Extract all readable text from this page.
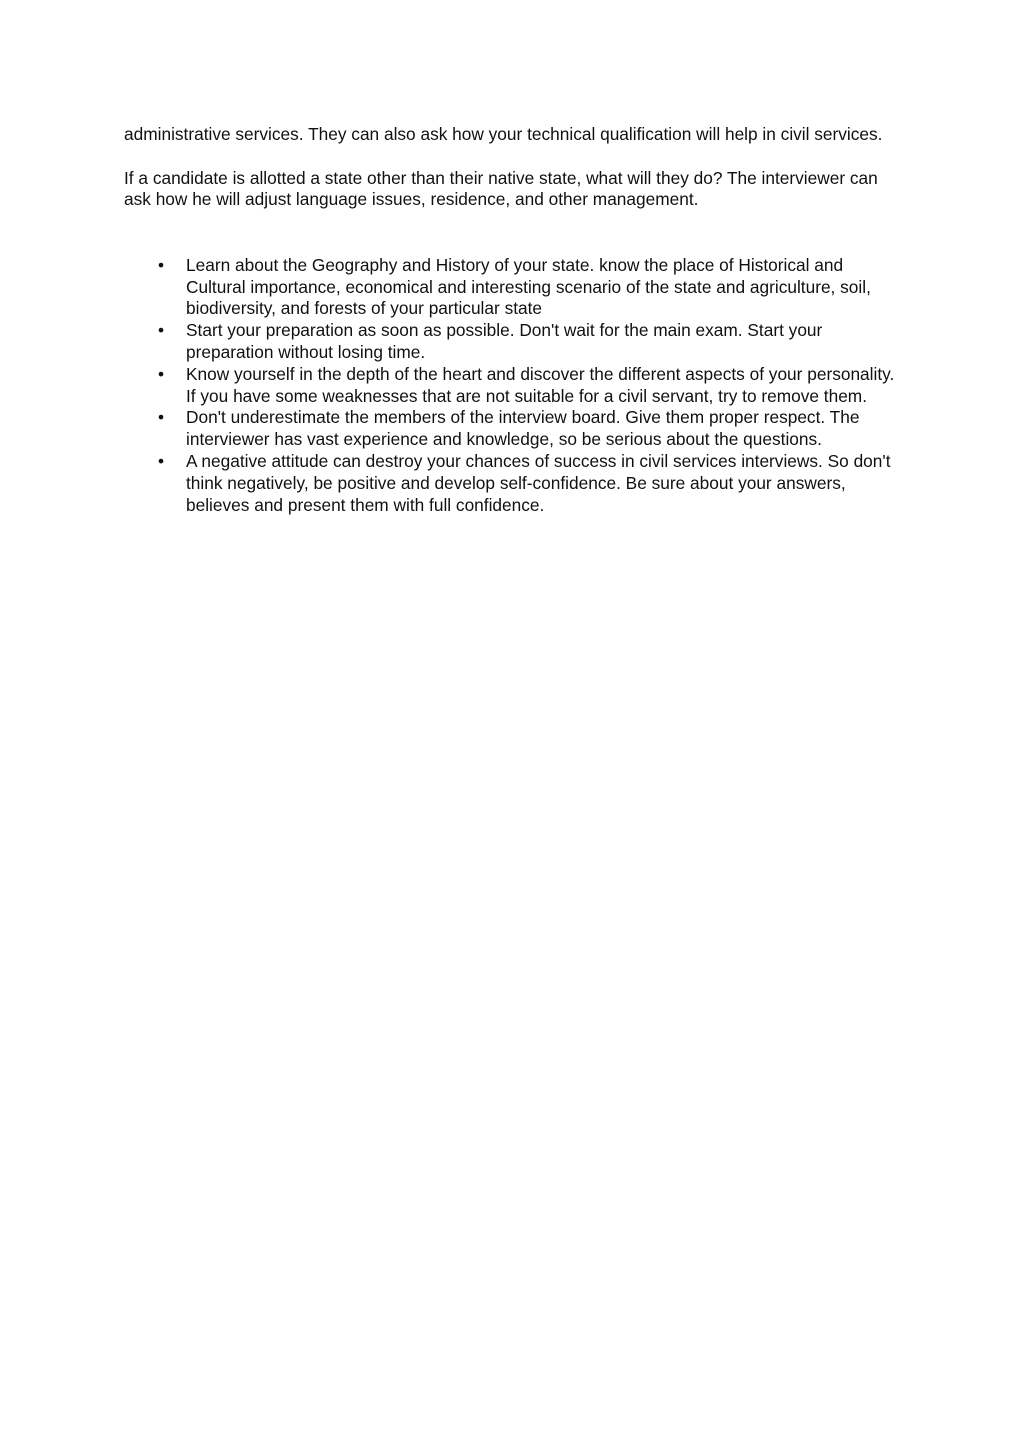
administrative services. They can also ask how your technical qualification will help in civil services.

If a candidate is allotted a state other than their native state, what will they do? The interviewer can ask how he will adjust language issues, residence, and other management.

• Learn about the Geography and History of your state. know the place of Historical and Cultural importance, economical and interesting scenario of the state and agriculture, soil, biodiversity, and forests of your particular state
• Start your preparation as soon as possible. Don't wait for the main exam. Start your preparation without losing time.
• Know yourself in the depth of the heart and discover the different aspects of your personality. If you have some weaknesses that are not suitable for a civil servant, try to remove them.
• Don't underestimate the members of the interview board. Give them proper respect. The interviewer has vast experience and knowledge, so be serious about the questions.
• A negative attitude can destroy your chances of success in civil services interviews. So don't think negatively, be positive and develop self-confidence. Be sure about your answers, believes and present them with full confidence.
